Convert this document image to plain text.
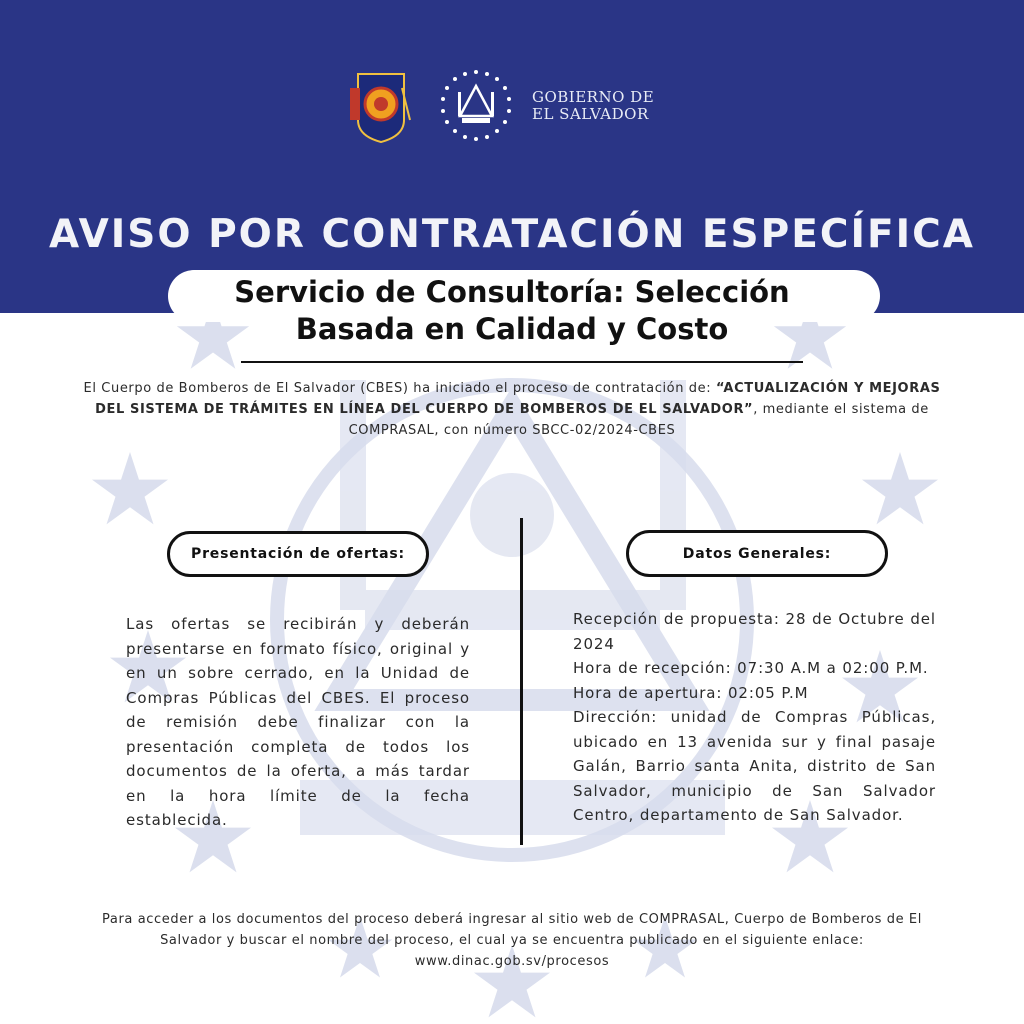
GOBIERNO DE
EL SALVADOR
AVISO POR CONTRATACIÓN ESPECÍFICA
Servicio de Consultoría: Selección
Basada en Calidad y Costo
El Cuerpo de Bomberos de El Salvador (CBES) ha iniciado el proceso de contratación de: “ACTUALIZACIÓN Y MEJORAS DEL SISTEMA DE TRÁMITES EN LÍNEA DEL CUERPO DE BOMBEROS DE EL SALVADOR”, mediante el sistema de COMPRASAL, con número SBCC-02/2024-CBES
Presentación de ofertas:
Las ofertas se recibirán y deberán presentarse en formato físico, original y en un sobre cerrado, en la Unidad de Compras Públicas del CBES. El proceso de remisión debe finalizar con la presentación completa de todos los documentos de la oferta, a más tardar en la hora límite de la fecha establecida.
Datos Generales:

Recepción de propuesta: 28 de Octubre del 2024

Hora de recepción: 07:30 A.M a 02:00 P.M.

Hora de apertura: 02:05 P.M

Dirección: unidad de Compras Públicas, ubicado en 13 avenida sur y final pasaje Galán, Barrio santa Anita, distrito de San Salvador, municipio de San Salvador Centro, departamento de San Salvador.

Para acceder a los documentos del proceso deberá ingresar al sitio web de COMPRASAL, Cuerpo de Bomberos de El Salvador y buscar el nombre del proceso, el cual ya se encuentra publicado en el siguiente enlace: www.dinac.gob.sv/procesos
